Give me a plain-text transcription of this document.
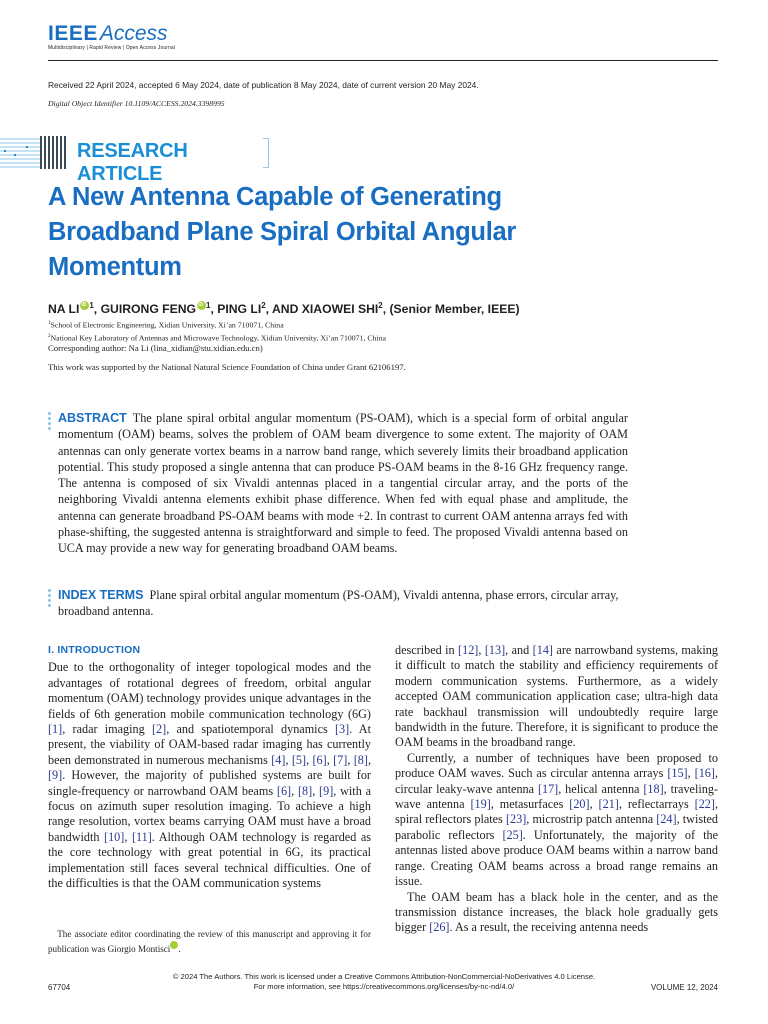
IEEEAccess
Multidisciplinary | Rapid Review | Open Access Journal
Received 22 April 2024, accepted 6 May 2024, date of publication 8 May 2024, date of current version 20 May 2024.
Digital Object Identifier 10.1109/ACCESS.2024.3398995
RESEARCH ARTICLE
A New Antenna Capable of Generating Broadband Plane Spiral Orbital Angular Momentum
NA LI iD $^1$, GUIRONG FENG iD $^1$, PING $LI^2$, AND XIAOWEI SHI$^2$, (Senior Member, IEEE)
$^1$School of Electronic Engineering, Xidian University, Xi’an 710071, China
$^2$National Key Laboratory of Antennas and Microwave Technology, Xidian University, Xi’an 710071, China
Corresponding author: Na Li (lina_xidian@stu.xidian.edu.cn)
This work was supported by the National Natural Science Foundation of China under Grant 62106197.
ABSTRACT The plane spiral orbital angular momentum (PS-OAM), which is a special form of orbital angular momentum (OAM) beams, solves the problem of OAM beam divergence to some extent. The majority of OAM antennas can only generate vortex beams in a narrow band range, which severely limits their broadband application potential. This study proposed a single antenna that can produce PS-OAM beams in the 8-16 GHz frequency range. The antenna is composed of six Vivaldi antennas placed in a tangential circular array, and the ports of the neighboring Vivaldi antenna elements exhibit phase difference. When fed with equal phase and amplitude, the antenna can generate broadband PS-OAM beams with mode +2. In contrast to current OAM antenna arrays fed with phase-shifting, the suggested antenna is straightforward and simple to feed. The proposed Vivaldi antenna based on UCA may provide a new way for generating broadband OAM beams.
INDEX TERMS Plane spiral orbital angular momentum (PS-OAM), Vivaldi antenna, phase errors, circular array, broadband antenna.
I. INTRODUCTION

Due to the orthogonality of integer topological modes and the advantages of rotational degrees of freedom, orbital angular momentum (OAM) technology provides unique advantages in the fields of 6th generation mobile communication technology (6G) [1], radar imaging [2], and spatiotemporal dynamics [3]. At present, the viability of OAM-based radar imaging has currently been demonstrated in numerous mechanisms [4], [5], [6], [7], [8], [9]. However, the majority of published systems are built for single-frequency or narrowband OAM beams [6], [8], [9], with a focus on azimuth super resolution imaging. To achieve a high range resolution, vortex beams carrying OAM must have a broad bandwidth [10], [11]. Although OAM technology is regarded as the core technology with great potential in 6G, its practical implementation still faces several technical difficulties. One of the difficulties is that the OAM communication systems

described in [12], [13], and [14] are narrowband systems, making it difficult to match the stability and efficiency requirements of modern communication systems. Furthermore, as a widely accepted OAM communication application case; ultra-high data rate backhaul transmission will undoubtedly require large bandwidth in the future. Therefore, it is significant to produce the OAM beams in the broadband range.

Currently, a number of techniques have been proposed to produce OAM waves. Such as circular antenna arrays [15], [16], circular leaky-wave antenna [17], helical antenna [18], traveling-wave antenna [19], metasurfaces [20], [21], reflectarrays [22], spiral reflectors plates [23], microstrip patch antenna [24], twisted parabolic reflectors [25]. Unfortunately, the majority of the antennas listed above produce OAM beams within a narrow band range. Creating OAM beams across a broad range remains an issue.

The OAM beam has a black hole in the center, and as the transmission distance increases, the black hole gradually gets bigger [26]. As a result, the receiving antenna needs

The associate editor coordinating the review of this manuscript and approving it for publication was Giorgio Montisci .
© 2024 The Authors. This work is licensed under a Creative Commons Attribution-NonCommercial-NoDerivatives 4.0 License.
For more information, see https://creativecommons.org/licenses/by-nc-nd/4.0/
67704	VOLUME 12, 2024
